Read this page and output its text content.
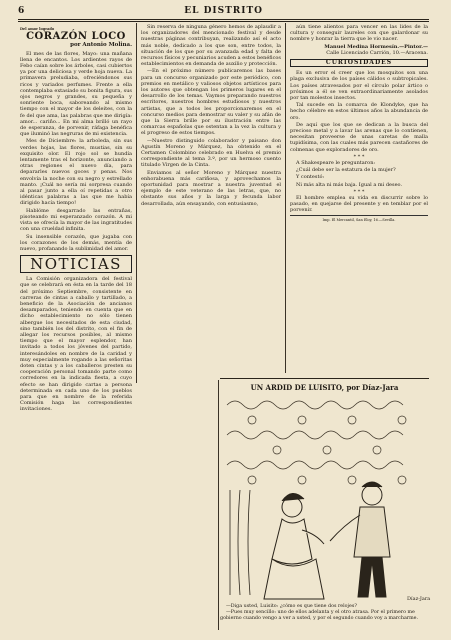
6	EL DISTRITO
Del amor logrado
CORAZÓN LOCO
por Antonio Molina.

El mes de las flores, Mayo: una mañana llena de encantos. Los ardientes rayos de Febo caían sobre los árboles, casi cubiertos ya por una deliciosa y verde hoja nueva. La primavera preludiaba, ofreciéndonos sus ricos y variados perfumes. Frente a ella contemplaba extasiado su bonita figura, sus ojos negros y grandes, su pequeña y sonriente boca, saboreando al mismo tiempo con el mayor de los deleites, con la fe del que ama, las palabras que me dirigía: amor... cariño... En mi alma brilló un rayo de esperanza, de porvenir, ráfaga benéfica que iluminó las negruras de mi existencia.

Mes de Diciembre: la arboleda, sin sus verdes hojas, las flores, mustias, sin su exquisito olor. El rojo sol se hundía lentamente tras el horizonte, anunciando a otras regiones el nuevo día, para depararles nuevos goces y penas. Nos envolvía la noche con su negro y estrellado manto. ¡Cuál no sería mi sorpresa cuando al pasar junto a ella oí repetidas a otro idénticas palabras a las que me había dirigido hacía tiempo!

Hablóme desgarrado las entrañas, pisoteando mi esperanzado corazón. A mi vista se ofrecía la mayor de las ingratitudes con una crueldad infinita.

Su insensible corazón, que jugaba con los corazones de los demás, mentía de nuevo, profanando la sublimidad del amor.

NOTICIAS

La Comisión organizadora del festival que se celebrará en ésta en la tarde del 18 del próximo Septiembre, consistente en carreras de cintas a caballo y tartillado, a beneficio de la Asociación de ancianos desamparados, teniendo en cuenta que en dicho establecimiento no sólo tienen albergue los necesitados de esta ciudad, sino también los del distrito, con el fin de allegar los recursos posibles, al mismo tiempo que el mayor esplendor, han invitado a todos los jóvenes del partido, interesándoles en nombre de la caridad y muy especialmente rogando a las señoritas doten cintas y a los caballeros presten su cooperación personal tomando parte como corredores en la indicada fiesta, a cuyo efecto se han dirigido cartas a persona determinada en cada uno de los pueblos para que en nombre de la referida Comisión haga las correspondientes invitaciones.

Sin reserva de ninguna género hemos de aplaudir a los organizadores del mencionado festival y desde nuestras páginas contribuyan, realizando así el acto más noble, dedicado a los que son, entre todos, la situación de los que por su avanzada edad y falta de recursos físicos y pecuniarios acuden a estos benéficos establecimientos en demanda de auxilio y protección.

—En el próximo número publicaremos las bases para un concurso organizado por este periódico, con premios en metálico y valiosos objetos artísticos para los autores que obtengan los primeros lugares en el desarrollo de los temas. Vaymos preparando nuestros escritores, nuestros hombres estudiosos y nuestros artistas, que a todos les proporcionaremos en el concurso medios para demostrar su valer y su afán de que la Sierra brille por su ilustración entre las comarcas españolas que ostentan a la vez la cultura y el progreso de estos tiempos.

—Nuestro distinguido colaborador y paisano don Agustín Moreno y Márquez, ha obtenido en el Certamen Colombino celebrado en Huelva el premio correspondiente al tema 3.º, por un hermoso cuento titulado Virgen de la Cinta.

Enviamos al señor Moreno y Márquez nuestra enhorabuena más cariñosa, y aprovechamos la oportunidad para mostrar a nuestra juventud el ejemplo de este veterano de las letras, que, no obstante sus años y la larga y fecunda labor desarrollada, aún ensayando, con entusiasmo,

aún tiene alientos para vencer en las lides de la cultura y conseguir laureles con que galardonar su nombre y honrar la tierra que le vio nacer.

Manuel Medina Hormesín.—Pintor.—
Calle Licenciado Carrión, 10.—Aracena.
CURIOSIDADES

Es un error el creer que los mosquitos son una plaga exclusiva de los países cálidos o subtropicales. Los países atravesados por el círculo polar ártico o próximos a él se ven extraordinariamente asolados por tan molestos insectos.

Tal sucede en la comarca de Klondyke, que ha hecho célebre en estos últimos años la abundancia de oro.

De aquí que los que se dedican a la busca del precioso metal y a lavar las arenas que lo contienen, necesitan proveerse de unas caretas de malla tupidísima, con las cuales más parecen castañores de colmenas que exploradores de oro.

* * *

A Shakespeare le preguntaron:

¿Cuál debe ser la estatura de la mujer?

Y contestó:

Ni más alta ni más baja. Igual a mi deseo.

* * *

El hombre emplea su vida en discurrir sobre lo pasado, en quejarse del presente y en temblar por el porvenir.

Imp. El Mercantil, San Eloy, 16.—Sevilla.
UN ARDID DE LUISITO, por Díaz-Jara
Díaz-Jara

—Diga usted, Luisito: ¿cómo es que tiene dos relojes?

—Pues muy sencillo: uno de ellos adelanta y el otro atrasa. Por el primero me gobierno cuando vengo a ver a usted, y por el segundo cuando voy a marcharme.
